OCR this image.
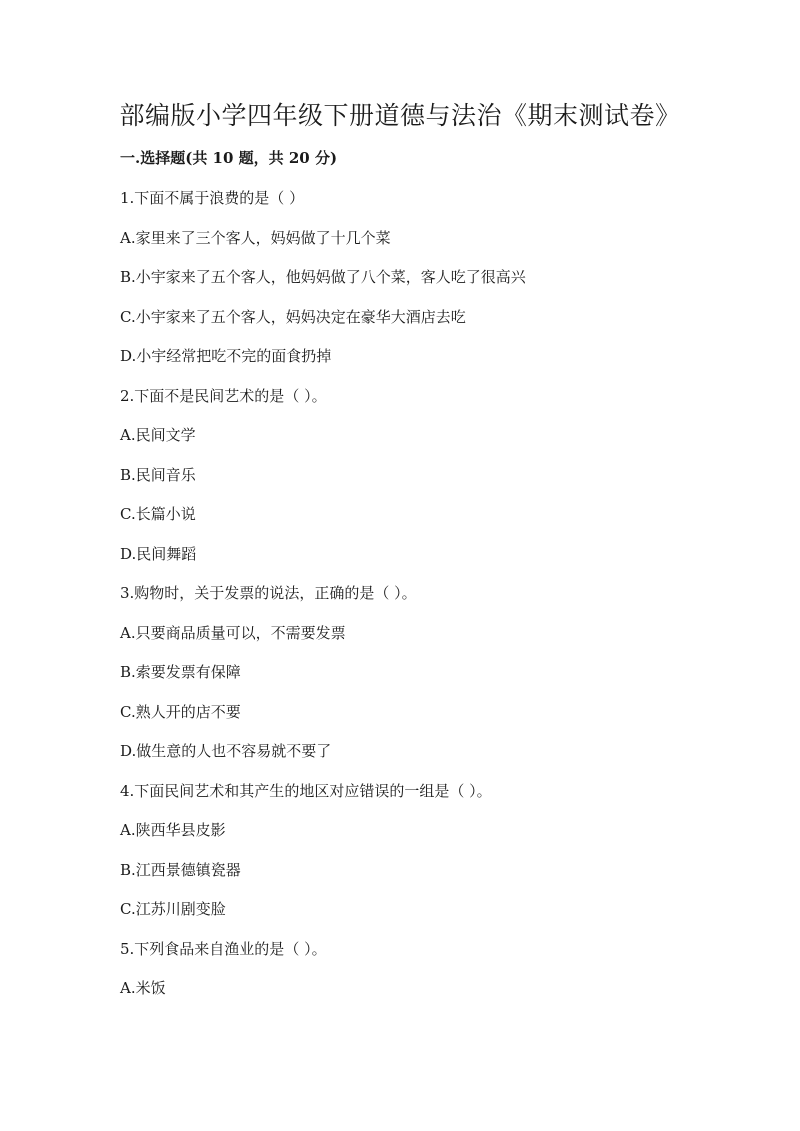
部编版小学四年级下册道德与法治《期末测试卷》
一.选择题(共 10 题，共 20 分)
1.下面不属于浪费的是（ ）
A.家里来了三个客人，妈妈做了十几个菜
B.小宇家来了五个客人，他妈妈做了八个菜，客人吃了很高兴
C.小宇家来了五个客人，妈妈决定在豪华大酒店去吃
D.小宇经常把吃不完的面食扔掉
2.下面不是民间艺术的是（ ）。
A.民间文学
B.民间音乐
C.长篇小说
D.民间舞蹈
3.购物时，关于发票的说法，正确的是（ ）。
A.只要商品质量可以，不需要发票
B.索要发票有保障
C.熟人开的店不要
D.做生意的人也不容易就不要了
4.下面民间艺术和其产生的地区对应错误的一组是（ ）。
A.陕西华县皮影
B.江西景德镇瓷器
C.江苏川剧变脸
5.下列食品来自渔业的是（ ）。
A.米饭
